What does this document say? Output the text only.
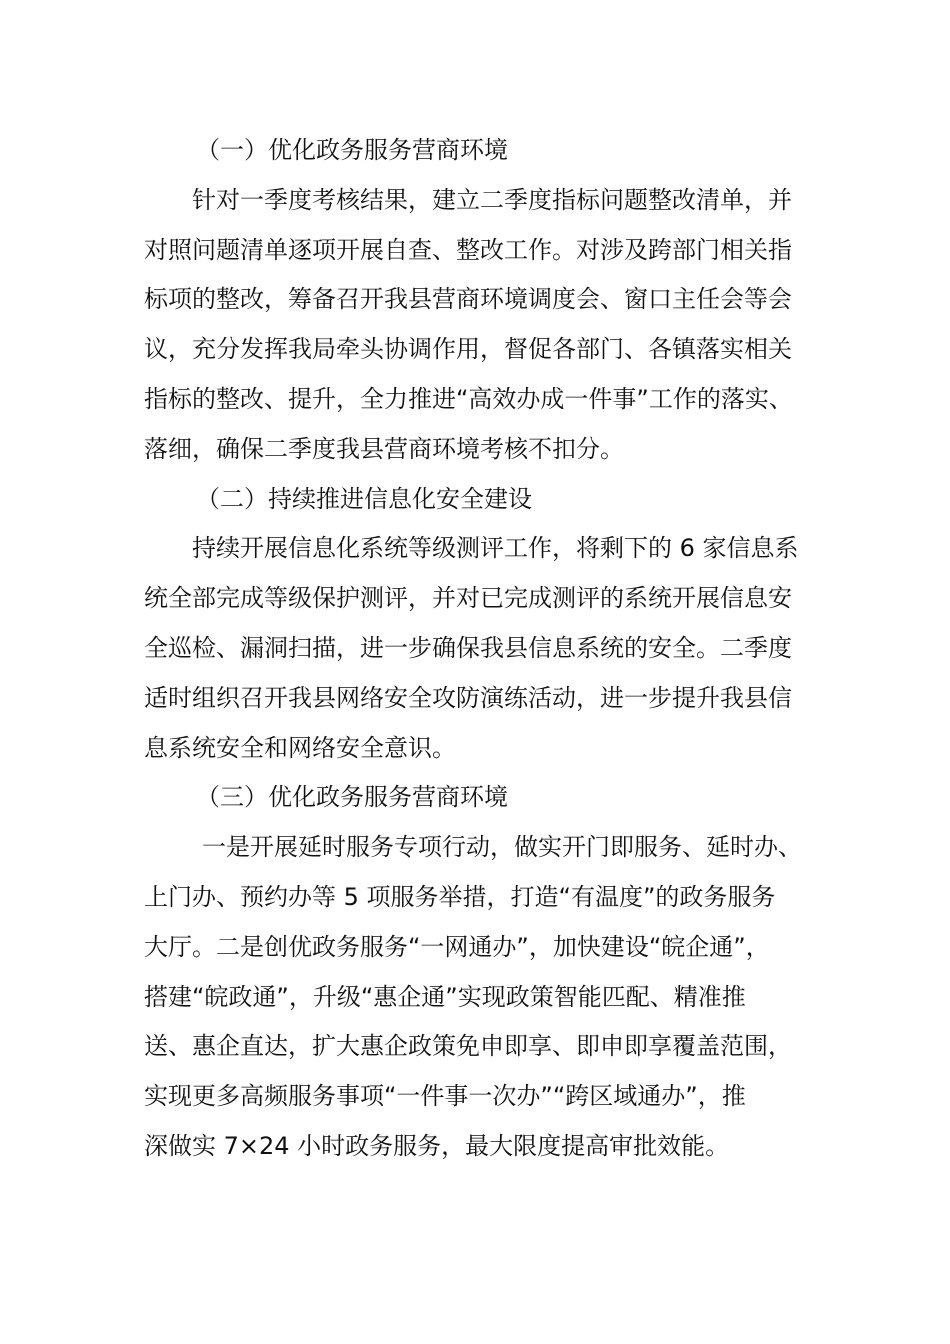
（一）优化政务服务营商环境
针对一季度考核结果，建立二季度指标问题整改清单，并
对照问题清单逐项开展自查、整改工作。对涉及跨部门相关指
标项的整改，筹备召开我县营商环境调度会、窗口主任会等会
议，充分发挥我局牵头协调作用，督促各部门、各镇落实相关
指标的整改、提升，全力推进“高效办成一件事”工作的落实、
落细，确保二季度我县营商环境考核不扣分。
（二）持续推进信息化安全建设
持续开展信息化系统等级测评工作，将剩下的 6 家信息系
统全部完成等级保护测评，并对已完成测评的系统开展信息安
全巡检、漏洞扫描，进一步确保我县信息系统的安全。二季度
适时组织召开我县网络安全攻防演练活动，进一步提升我县信
息系统安全和网络安全意识。
（三）优化政务服务营商环境
一是开展延时服务专项行动，做实开门即服务、延时办、
上门办、预约办等 5 项服务举措，打造“有温度”的政务服务
大厅。二是创优政务服务“一网通办”，加快建设“皖企通”，
搭建“皖政通”，升级“惠企通”实现政策智能匹配、精准推
送、惠企直达，扩大惠企政策免申即享、即申即享覆盖范围，
实现更多高频服务事项“一件事一次办”“跨区域通办”，推
深做实 7×24 小时政务服务，最大限度提高审批效能。
